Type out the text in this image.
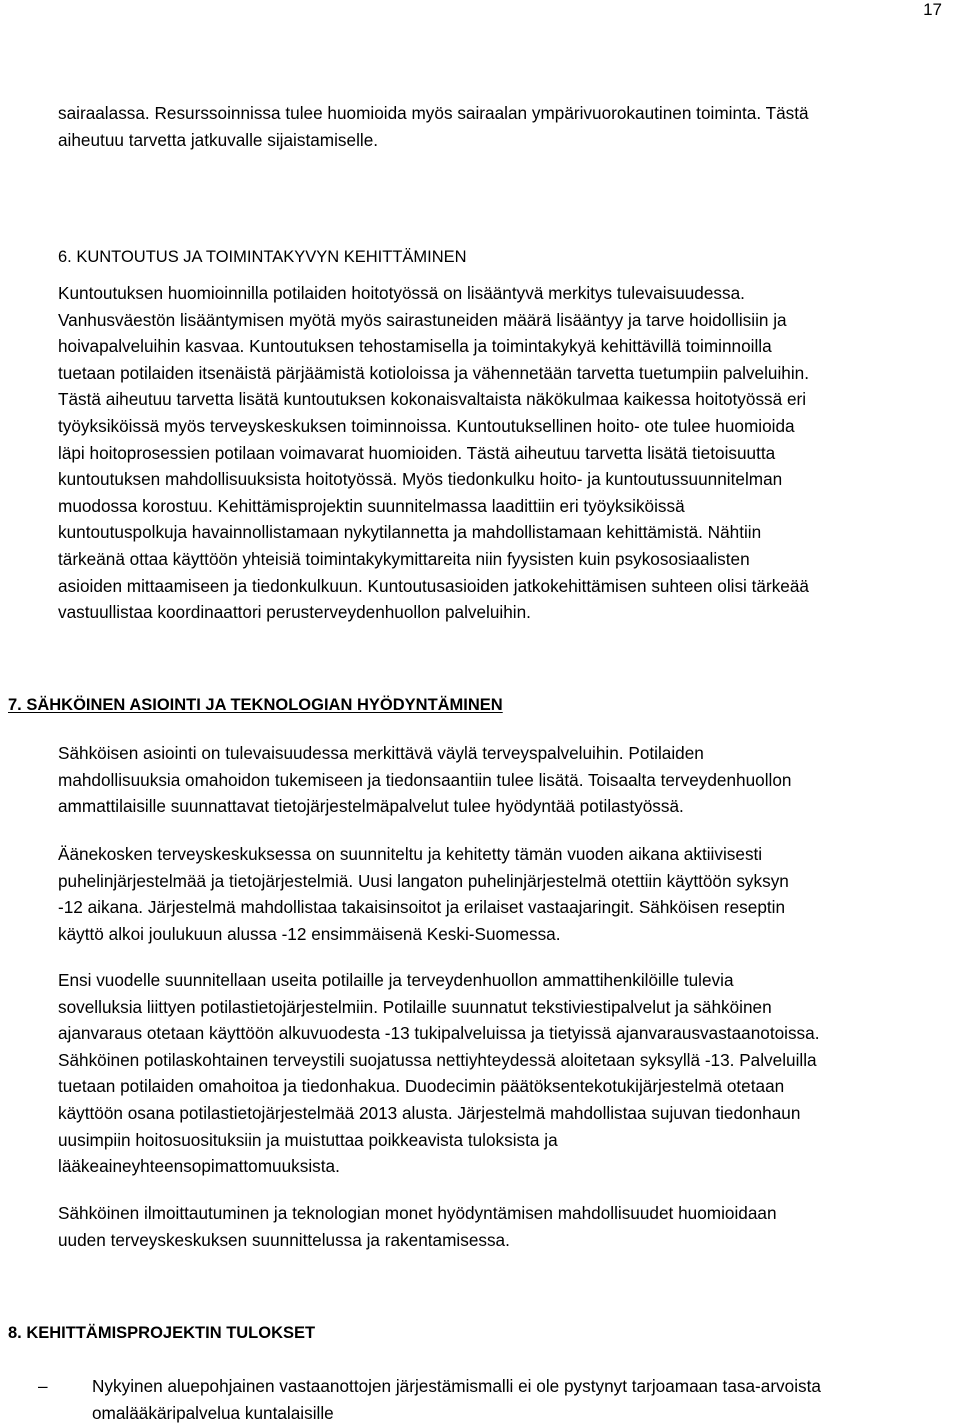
17
sairaalassa. Resurssoinnissa tulee huomioida myös sairaalan ympärivuorokautinen toiminta. Tästä
aiheutuu tarvetta jatkuvalle sijaistamiselle.
6. KUNTOUTUS JA TOIMINTAKYVYN KEHITTÄMINEN
Kuntoutuksen huomioinnilla potilaiden hoitotyössä on lisääntyvä merkitys tulevaisuudessa.
Vanhusväestön lisääntymisen myötä myös sairastuneiden määrä lisääntyy ja tarve hoidollisiin ja
hoivapalveluihin kasvaa. Kuntoutuksen tehostamisella ja toimintakykyä kehittävillä toiminnoilla
tuetaan potilaiden itsenäistä pärjäämistä kotioloissa ja vähennetään tarvetta tuetumpiin palveluihin.
Tästä aiheutuu tarvetta lisätä kuntoutuksen kokonaisvaltaista näkökulmaa kaikessa hoitotyössä eri
työyksiköissä myös terveyskeskuksen toiminnoissa. Kuntoutuksellinen hoito- ote tulee huomioida
läpi hoitoprosessien potilaan voimavarat huomioiden. Tästä aiheutuu tarvetta lisätä tietoisuutta
kuntoutuksen mahdollisuuksista hoitotyössä. Myös tiedonkulku hoito- ja kuntoutussuunnitelman
muodossa korostuu. Kehittämisprojektin suunnitelmassa laadittiin eri työyksiköissä
kuntoutuspolkuja havainnollistamaan nykytilannetta ja mahdollistamaan kehittämistä. Nähtiin
tärkeänä ottaa käyttöön yhteisiä toimintakykymittareita niin fyysisten kuin psykososiaalisten
asioiden mittaamiseen ja tiedonkulkuun. Kuntoutusasioiden jatkokehittämisen suhteen olisi tärkeää
vastuullistaa koordinaattori perusterveydenhuollon palveluihin.
7. SÄHKÖINEN ASIOINTI JA TEKNOLOGIAN HYÖDYNTÄMINEN
Sähköisen asiointi on tulevaisuudessa merkittävä väylä terveyspalveluihin. Potilaiden
mahdollisuuksia omahoidon tukemiseen ja tiedonsaantiin tulee lisätä. Toisaalta terveydenhuollon
ammattilaisille suunnattavat tietojärjestelmäpalvelut tulee hyödyntää potilastyössä.
Äänekosken terveyskeskuksessa on suunniteltu ja kehitetty tämän vuoden aikana aktiivisesti
puhelinjärjestelmää ja tietojärjestelmiä. Uusi langaton puhelinjärjestelmä otettiin käyttöön syksyn
-12 aikana. Järjestelmä mahdollistaa takaisinsoitot ja erilaiset vastaajaringit. Sähköisen reseptin
käyttö alkoi joulukuun alussa -12 ensimmäisenä Keski-Suomessa.
Ensi vuodelle suunnitellaan useita potilaille ja terveydenhuollon ammattihenkilöille tulevia
sovelluksia liittyen potilastietojärjestelmiin. Potilaille suunnatut tekstiviestipalvelut ja sähköinen
ajanvaraus otetaan käyttöön alkuvuodesta -13 tukipalveluissa ja tietyissä ajanvarausvastaanotoissa.
Sähköinen potilaskohtainen terveystili suojatussa nettiyhteydessä aloitetaan syksyllä -13. Palveluilla
tuetaan potilaiden omahoitoa ja tiedonhakua. Duodecimin päätöksentekotukijärjestelmä otetaan
käyttöön osana potilastietojärjestelmää 2013 alusta. Järjestelmä mahdollistaa sujuvan tiedonhaun
uusimpiin hoitosuosituksiin ja muistuttaa poikkeavista tuloksista ja
lääkeaineyhteensopimattomuuksista.
Sähköinen ilmoittautuminen ja teknologian monet hyödyntämisen mahdollisuudet huomioidaan
uuden terveyskeskuksen suunnittelussa ja rakentamisessa.
8. KEHITTÄMISPROJEKTIN TULOKSET
–	Nykyinen aluepohjainen vastaanottojen järjestämismalli ei ole pystynyt tarjoamaan tasa-arvoista
omalääkäripalvelua kuntalaisille
